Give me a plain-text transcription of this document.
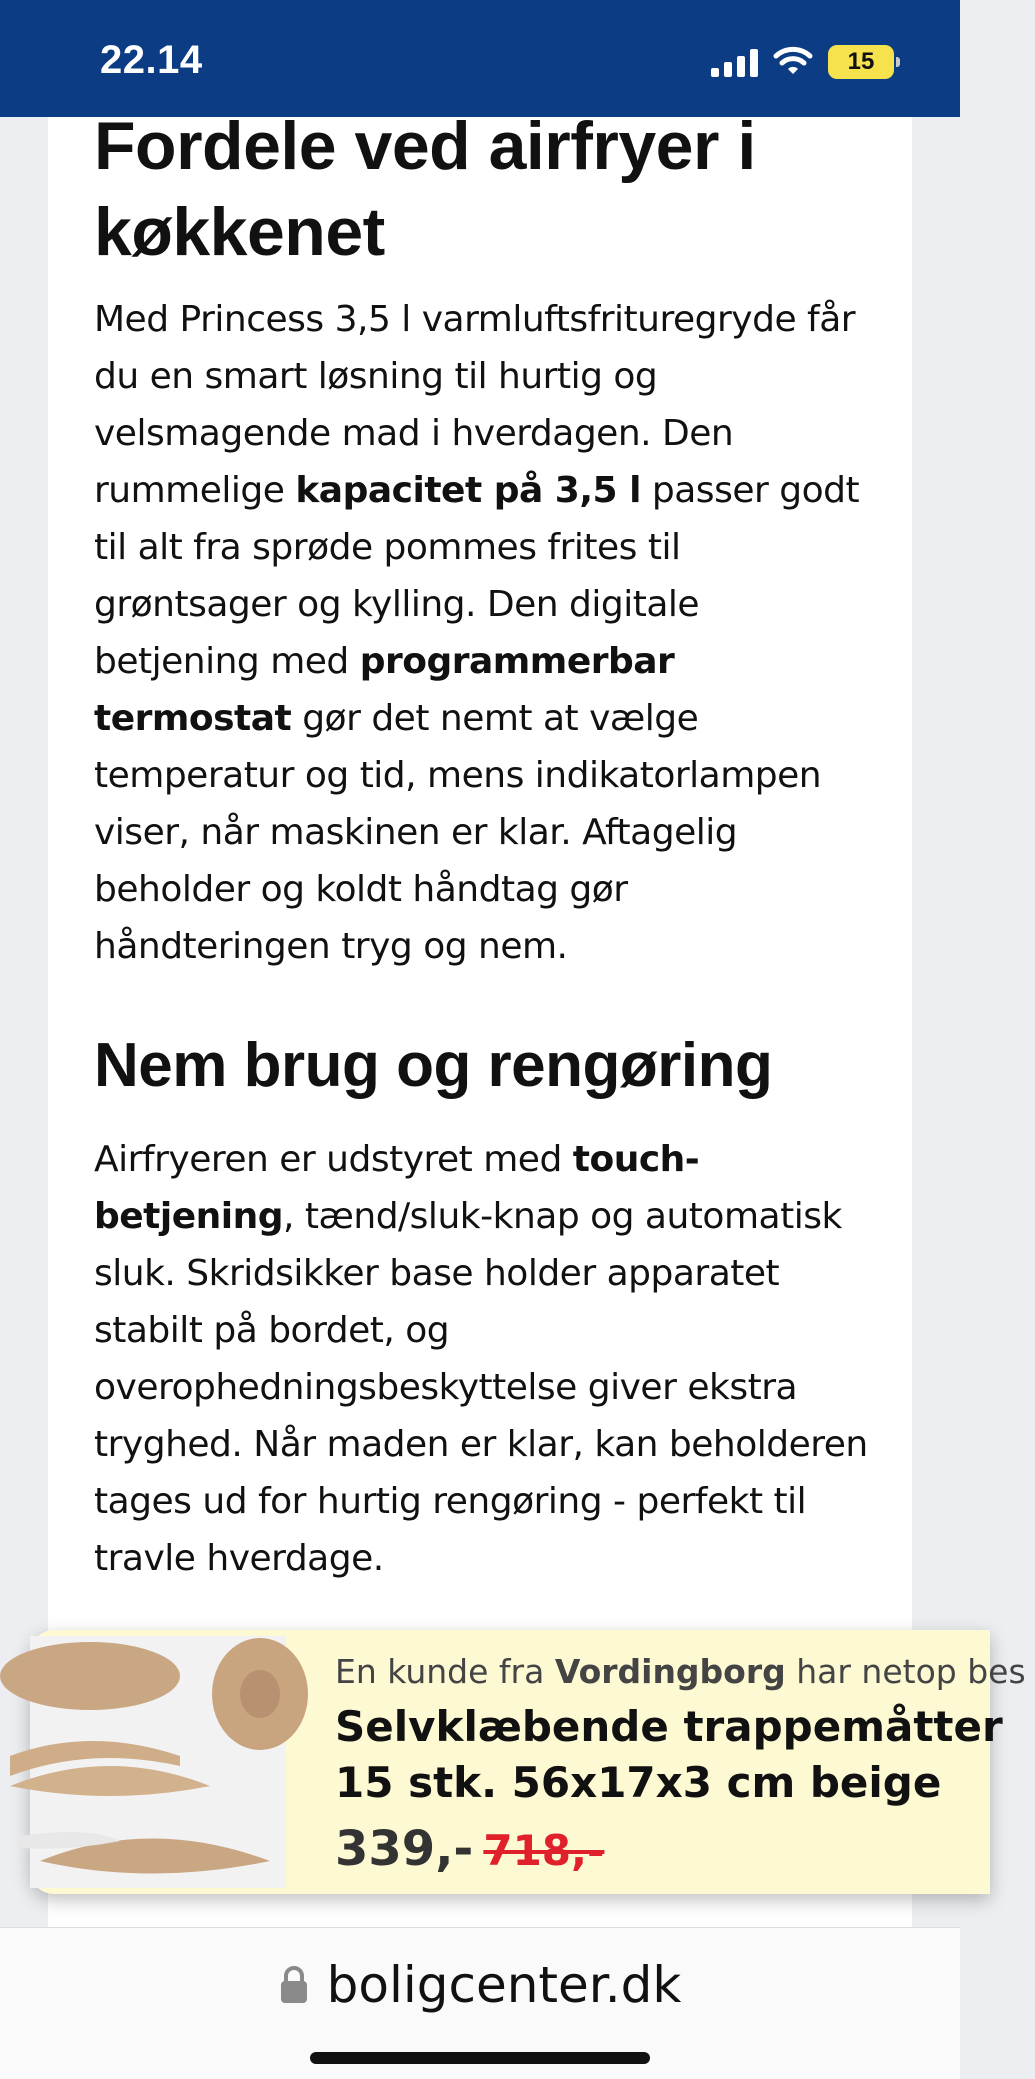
22.14	15
Fordele ved airfryer i køkkenet

Med Princess 3,5 l varmluftsfrituregryde får du en smart løsning til hurtig og velsmagende mad i hverdagen. Den rummelige kapacitet på 3,5 l passer godt til alt fra sprøde pommes frites til grøntsager og kylling. Den digitale betjening med programmerbar termostat gør det nemt at vælge temperatur og tid, mens indikatorlampen viser, når maskinen er klar. Aftagelig beholder og koldt håndtag gør håndteringen tryg og nem.

Nem brug og rengøring

Airfryeren er udstyret med touch-betjening, tænd/sluk-knap og automatisk sluk. Skridsikker base holder apparatet stabilt på bordet, og overophedningsbeskyttelse giver ekstra tryghed. Når maden er klar, kan beholderen tages ud for hurtig rengøring - perfekt til travle hverdage.

En kunde fra Vordingborg har netop bes
Selvklæbende trappemåtter
15 stk. 56x17x3 cm beige
339,- 718,-
boligcenter.dk
